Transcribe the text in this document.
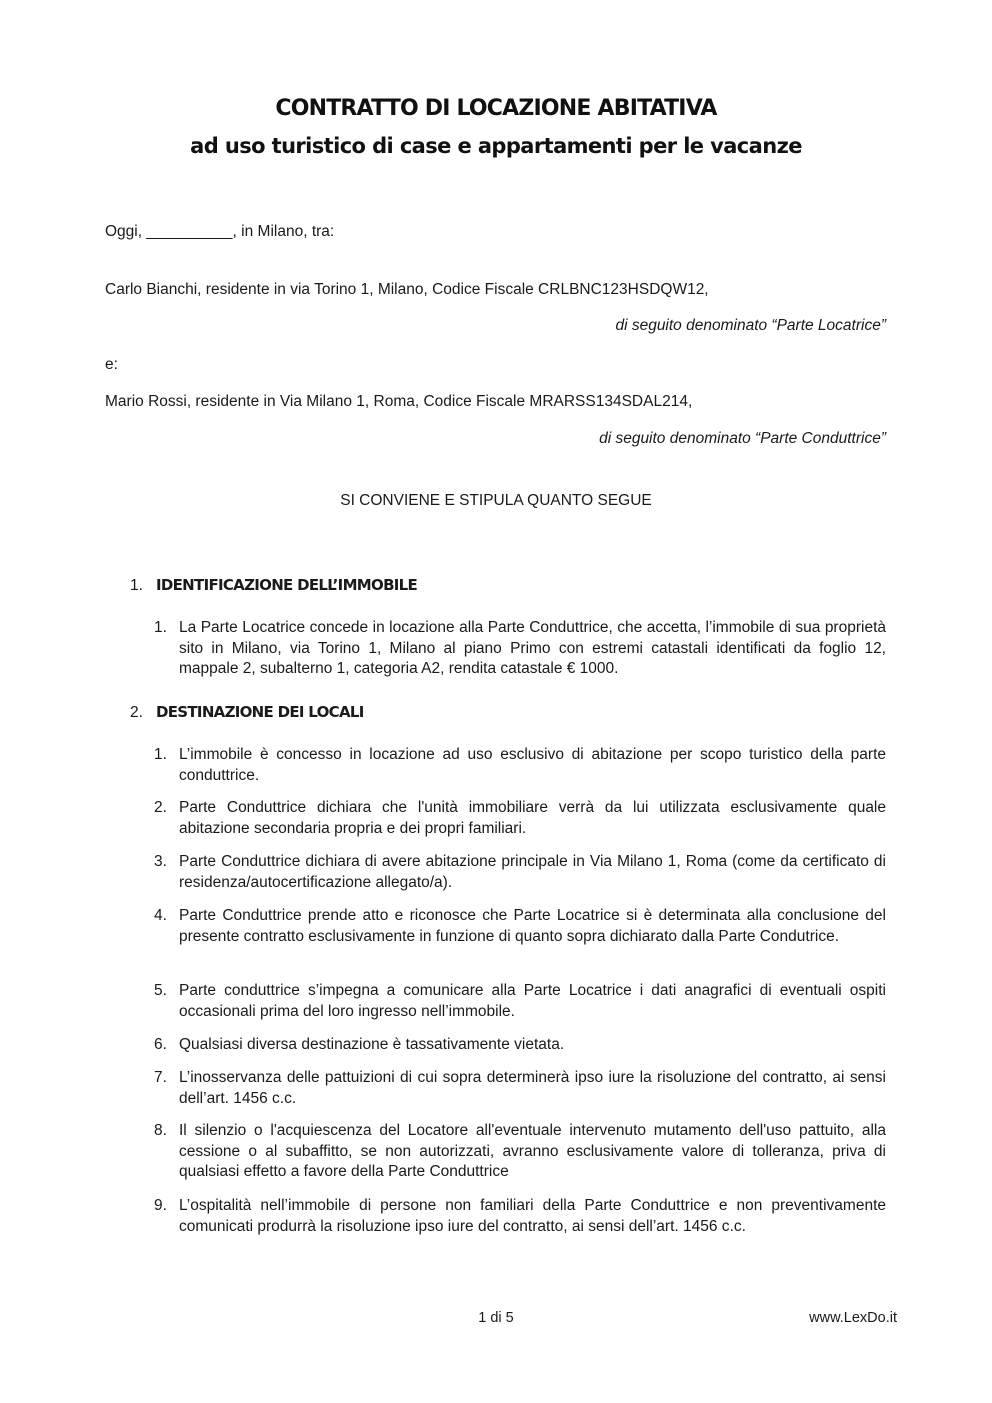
CONTRATTO DI LOCAZIONE ABITATIVA
ad uso turistico di case e appartamenti per le vacanze
Oggi, __________, in Milano, tra:
Carlo Bianchi, residente in via Torino 1, Milano, Codice Fiscale CRLBNC123HSDQW12,
di seguito denominato “Parte Locatrice”
e:
Mario Rossi, residente in Via Milano 1, Roma, Codice Fiscale MRARSS134SDAL214,
di seguito denominato “Parte Conduttrice”
SI CONVIENE E STIPULA QUANTO SEGUE
1. IDENTIFICAZIONE DELL’IMMOBILE
1. La Parte Locatrice concede in locazione alla Parte Conduttrice, che accetta, l’immobile di sua proprietà sito in Milano, via Torino 1, Milano al piano Primo con estremi catastali identificati da foglio 12, mappale 2, subalterno 1, categoria A2, rendita catastale € 1000.
2. DESTINAZIONE DEI LOCALI
1. L’immobile è concesso in locazione ad uso esclusivo di abitazione per scopo turistico della parte conduttrice.
2. Parte Conduttrice dichiara che l'unità immobiliare verrà da lui utilizzata esclusivamente quale abitazione secondaria propria e dei propri familiari.
3. Parte Conduttrice dichiara di avere abitazione principale in Via Milano 1, Roma (come da certificato di residenza/autocertificazione allegato/a).
4. Parte Conduttrice prende atto e riconosce che Parte Locatrice si è determinata alla conclusione del presente contratto esclusivamente in funzione di quanto sopra dichiarato dalla Parte Condutrice.
5. Parte conduttrice s’impegna a comunicare alla Parte Locatrice i dati anagrafici di eventuali ospiti occasionali prima del loro ingresso nell’immobile.
6. Qualsiasi diversa destinazione è tassativamente vietata.
7. L’inosservanza delle pattuizioni di cui sopra determinerà ipso iure la risoluzione del contratto, ai sensi dell’art. 1456 c.c.
8. Il silenzio o l'acquiescenza del Locatore all'eventuale intervenuto mutamento dell'uso pattuito, alla cessione o al subaffitto, se non autorizzati, avranno esclusivamente valore di tolleranza, priva di qualsiasi effetto a favore della Parte Conduttrice
9. L’ospitalità nell’immobile di persone non familiari della Parte Conduttrice e non preventivamente comunicati produrrà la risoluzione ipso iure del contratto, ai sensi dell’art. 1456 c.c.
1 di 5	www.LexDo.it
